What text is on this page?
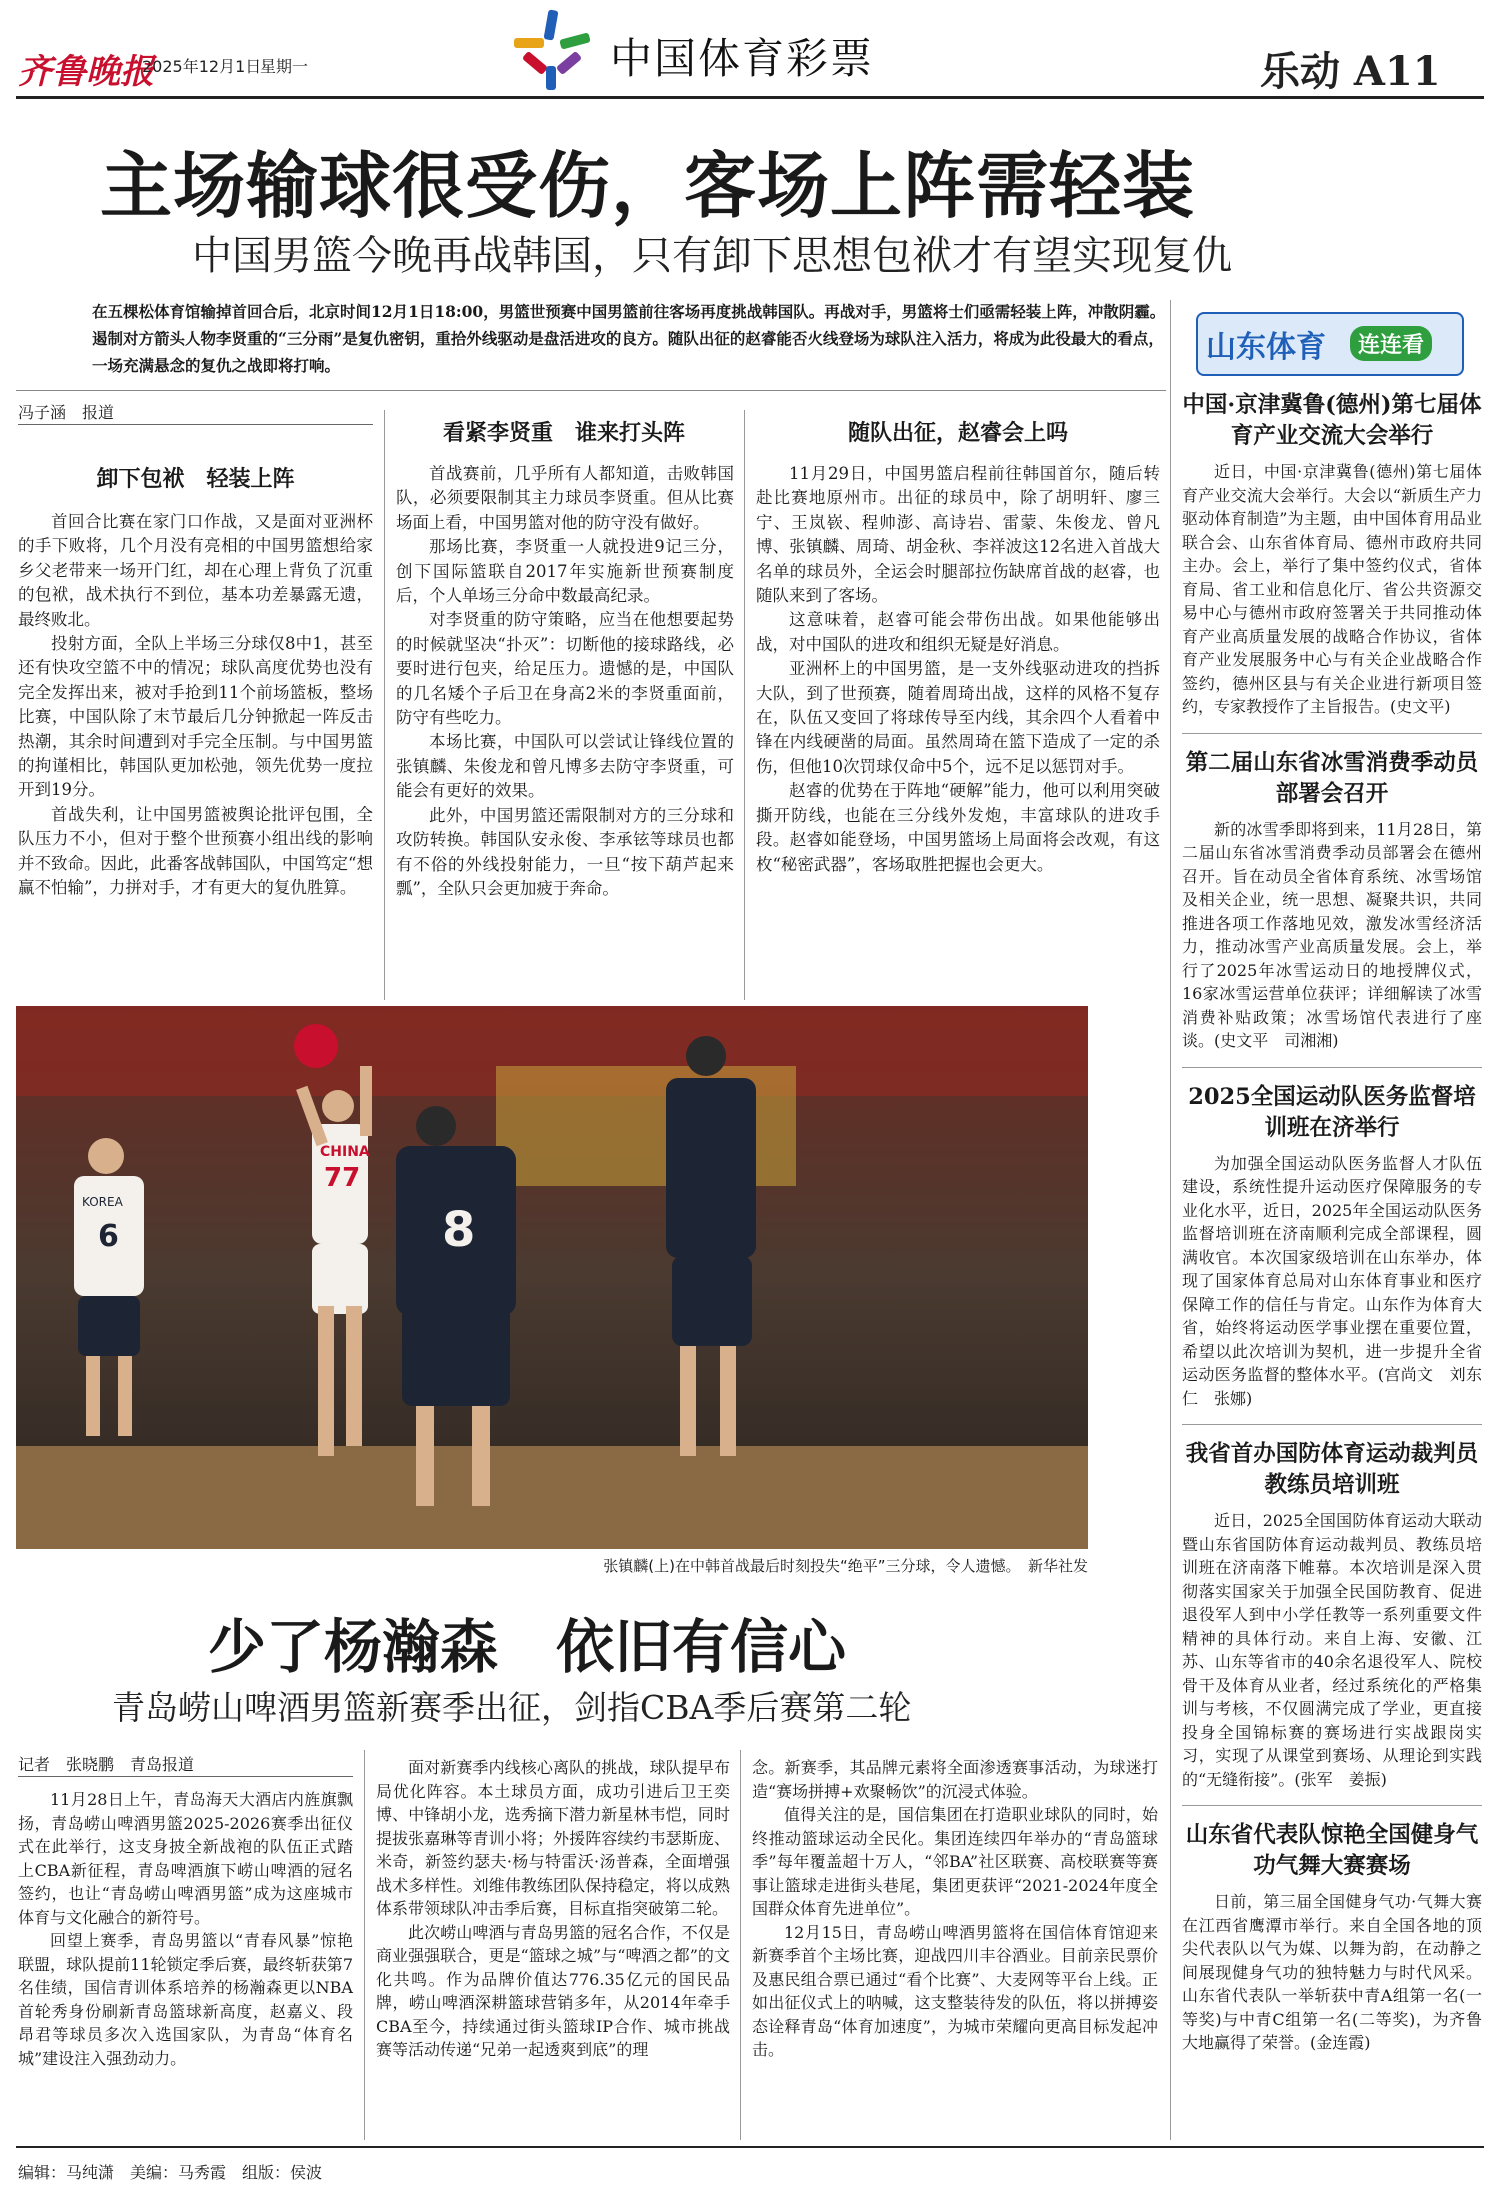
齐鲁晚报
2025年12月1日
星期一	中国体育彩票	乐动 A11
主场输球很受伤，客场上阵需轻装
中国男篮今晚再战韩国，只有卸下思想包袱才有望实现复仇
在五棵松体育馆输掉首回合后，北京时间12月1日18:00，男篮世预赛中国男篮前往客场再度挑战韩国队。再战对手，男篮将士们亟需轻装上阵，冲散阴霾。遏制对方箭头人物李贤重的“三分雨”是复仇密钥，重拾外线驱动是盘活进攻的良方。随队出征的赵睿能否火线登场为球队注入活力，将成为此役最大的看点，一场充满悬念的复仇之战即将打响。
冯子涵　报道
卸下包袱　轻装上阵

首回合比赛在家门口作战，又是面对亚洲杯的手下败将，几个月没有亮相的中国男篮想给家乡父老带来一场开门红，却在心理上背负了沉重的包袱，战术执行不到位，基本功差暴露无遗，最终败北。

投射方面，全队上半场三分球仅8中1，甚至还有快攻空篮不中的情况；球队高度优势也没有完全发挥出来，被对手抢到11个前场篮板，整场比赛，中国队除了末节最后几分钟掀起一阵反击热潮，其余时间遭到对手完全压制。与中国男篮的拘谨相比，韩国队更加松弛，领先优势一度拉开到19分。

首战失利，让中国男篮被舆论批评包围，全队压力不小，但对于整个世预赛小组出线的影响并不致命。因此，此番客战韩国队，中国笃定“想赢不怕输”，力拼对手，才有更大的复仇胜算。

看紧李贤重　谁来打头阵

首战赛前，几乎所有人都知道，击败韩国队，必须要限制其主力球员李贤重。但从比赛场面上看，中国男篮对他的防守没有做好。

那场比赛，李贤重一人就投进9记三分，创下国际篮联自2017年实施新世预赛制度后，个人单场三分命中数最高纪录。

对李贤重的防守策略，应当在他想要起势的时候就坚决“扑灭”：切断他的接球路线，必要时进行包夹，给足压力。遗憾的是，中国队的几名矮个子后卫在身高2米的李贤重面前，防守有些吃力。

本场比赛，中国队可以尝试让锋线位置的张镇麟、朱俊龙和曾凡博多去防守李贤重，可能会有更好的效果。

此外，中国男篮还需限制对方的三分球和攻防转换。韩国队安永俊、李承铉等球员也都有不俗的外线投射能力，一旦“按下葫芦起来瓢”，全队只会更加疲于奔命。

随队出征，赵睿会上吗

11月29日，中国男篮启程前往韩国首尔，随后转赴比赛地原州市。出征的球员中，除了胡明轩、廖三宁、王岚嵚、程帅澎、高诗岩、雷蒙、朱俊龙、曾凡博、张镇麟、周琦、胡金秋、李祥波这12名进入首战大名单的球员外，全运会时腿部拉伤缺席首战的赵睿，也随队来到了客场。

这意味着，赵睿可能会带伤出战。如果他能够出战，对中国队的进攻和组织无疑是好消息。

亚洲杯上的中国男篮，是一支外线驱动进攻的挡拆大队，到了世预赛，随着周琦出战，这样的风格不复存在，队伍又变回了将球传导至内线，其余四个人看着中锋在内线硬凿的局面。虽然周琦在篮下造成了一定的杀伤，但他10次罚球仅命中5个，远不足以惩罚对手。

赵睿的优势在于阵地“硬解”能力，他可以利用突破撕开防线，也能在三分线外发炮，丰富球队的进攻手段。赵睿如能登场，中国男篮场上局面将会改观，有这枚“秘密武器”，客场取胜把握也会更大。

CHINA
77
8
KOREA
6
张镇麟(上)在中韩首战最后时刻投失“绝平”三分球，令人遗憾。　新华社发
少了杨瀚森　依旧有信心
青岛崂山啤酒男篮新赛季出征，剑指CBA季后赛第二轮
记者　张晓鹏　青岛报道

11月28日上午，青岛海天大酒店内旌旗飘扬，青岛崂山啤酒男篮2025-2026赛季出征仪式在此举行，这支身披全新战袍的队伍正式踏上CBA新征程，青岛啤酒旗下崂山啤酒的冠名签约，也让“青岛崂山啤酒男篮”成为这座城市体育与文化融合的新符号。

回望上赛季，青岛男篮以“青春风暴”惊艳联盟，球队提前11轮锁定季后赛，最终斩获第7名佳绩，国信青训体系培养的杨瀚森更以NBA首轮秀身份刷新青岛篮球新高度，赵嘉义、段昂君等球员多次入选国家队，为青岛“体育名城”建设注入强劲动力。

面对新赛季内线核心离队的挑战，球队提早布局优化阵容。本土球员方面，成功引进后卫王奕博、中锋胡小龙，选秀摘下潜力新星林韦恺，同时提拔张嘉琳等青训小将；外援阵容续约韦瑟斯庞、米奇，新签约瑟夫·杨与特雷沃·汤普森，全面增强战术多样性。刘维伟教练团队保持稳定，将以成熟体系带领球队冲击季后赛，目标直指突破第二轮。

此次崂山啤酒与青岛男篮的冠名合作，不仅是商业强强联合，更是“篮球之城”与“啤酒之都”的文化共鸣。作为品牌价值达776.35亿元的国民品牌，崂山啤酒深耕篮球营销多年，从2014年牵手CBA至今，持续通过街头篮球IP合作、城市挑战赛等活动传递“兄弟一起透爽到底”的理

念。新赛季，其品牌元素将全面渗透赛事活动，为球迷打造“赛场拼搏+欢聚畅饮”的沉浸式体验。

值得关注的是，国信集团在打造职业球队的同时，始终推动篮球运动全民化。集团连续四年举办的“青岛篮球季”每年覆盖超十万人，“邻BA”社区联赛、高校联赛等赛事让篮球走进街头巷尾，集团更获评“2021-2024年度全国群众体育先进单位”。

12月15日，青岛崂山啤酒男篮将在国信体育馆迎来新赛季首个主场比赛，迎战四川丰谷酒业。目前亲民票价及惠民组合票已通过“看个比赛”、大麦网等平台上线。正如出征仪式上的呐喊，这支整装待发的队伍，将以拼搏姿态诠释青岛“体育加速度”，为城市荣耀向更高目标发起冲击。

山东体育	连连看
中国·京津冀鲁(德州)第七届体育产业交流大会举行

近日，中国·京津冀鲁(德州)第七届体育产业交流大会举行。大会以“新质生产力驱动体育制造”为主题，由中国体育用品业联合会、山东省体育局、德州市政府共同主办。会上，举行了集中签约仪式，省体育局、省工业和信息化厅、省公共资源交易中心与德州市政府签署关于共同推动体育产业高质量发展的战略合作协议，省体育产业发展服务中心与有关企业战略合作签约，德州区县与有关企业进行新项目签约，专家教授作了主旨报告。(史文平)

第二届山东省冰雪消费季动员部署会召开

新的冰雪季即将到来，11月28日，第二届山东省冰雪消费季动员部署会在德州召开。旨在动员全省体育系统、冰雪场馆及相关企业，统一思想、凝聚共识，共同推进各项工作落地见效，激发冰雪经济活力，推动冰雪产业高质量发展。会上，举行了2025年冰雪运动日的地授牌仪式，16家冰雪运营单位获评；详细解读了冰雪消费补贴政策；冰雪场馆代表进行了座谈。(史文平　司湘湘)

2025全国运动队医务监督培训班在济举行

为加强全国运动队医务监督人才队伍建设，系统性提升运动医疗保障服务的专业化水平，近日，2025年全国运动队医务监督培训班在济南顺利完成全部课程，圆满收官。本次国家级培训在山东举办，体现了国家体育总局对山东体育事业和医疗保障工作的信任与肯定。山东作为体育大省，始终将运动医学事业摆在重要位置，希望以此次培训为契机，进一步提升全省运动医务监督的整体水平。(宫尚文　刘东仁　张娜)

我省首办国防体育运动裁判员教练员培训班

近日，2025全国国防体育运动大联动暨山东省国防体育运动裁判员、教练员培训班在济南落下帷幕。本次培训是深入贯彻落实国家关于加强全民国防教育、促进退役军人到中小学任教等一系列重要文件精神的具体行动。来自上海、安徽、江苏、山东等省市的40余名退役军人、院校骨干及体育从业者，经过系统化的严格集训与考核，不仅圆满完成了学业，更直接投身全国锦标赛的赛场进行实战跟岗实习，实现了从课堂到赛场、从理论到实践的“无缝衔接”。(张军　姜振)

山东省代表队惊艳全国健身气功气舞大赛赛场

日前，第三届全国健身气功·气舞大赛在江西省鹰潭市举行。来自全国各地的顶尖代表队以气为媒、以舞为韵，在动静之间展现健身气功的独特魅力与时代风采。山东省代表队一举斩获中青A组第一名(一等奖)与中青C组第一名(二等奖)，为齐鲁大地赢得了荣誉。(金连霞)

编辑：马纯潇　美编：马秀霞　组版：侯波
